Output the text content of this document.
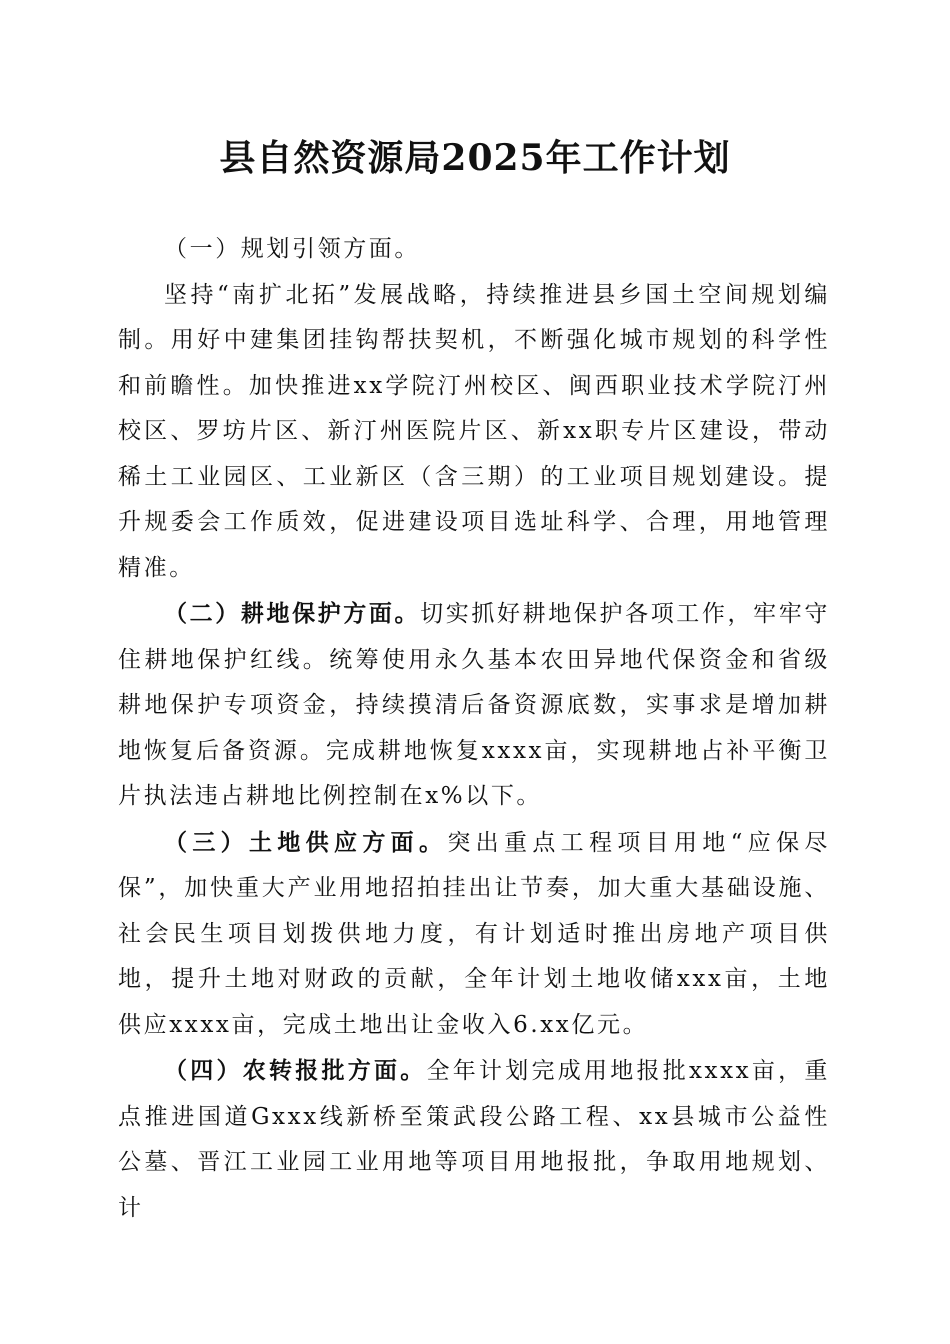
县自然资源局2025年工作计划

（一）规划引领方面。

坚持“南扩北拓”发展战略，持续推进县乡国土空间规划编制。用好中建集团挂钩帮扶契机，不断强化城市规划的科学性和前瞻性。加快推进xx学院汀州校区、闽西职业技术学院汀州校区、罗坊片区、新汀州医院片区、新xx职专片区建设，带动稀土工业园区、工业新区（含三期）的工业项目规划建设。提升规委会工作质效，促进建设项目选址科学、合理，用地管理精准。

（二）耕地保护方面。切实抓好耕地保护各项工作，牢牢守住耕地保护红线。统筹使用永久基本农田异地代保资金和省级耕地保护专项资金，持续摸清后备资源底数，实事求是增加耕地恢复后备资源。完成耕地恢复xxxx亩，实现耕地占补平衡卫片执法违占耕地比例控制在x%以下。

（三）土地供应方面。突出重点工程项目用地“应保尽保”，加快重大产业用地招拍挂出让节奏，加大重大基础设施、社会民生项目划拨供地力度，有计划适时推出房地产项目供地，提升土地对财政的贡献，全年计划土地收储xxx亩，土地供应xxxx亩，完成土地出让金收入6.xx亿元。

（四）农转报批方面。全年计划完成用地报批xxxx亩，重点推进国道Gxxx线新桥至策武段公路工程、xx县城市公益性公墓、晋江工业园工业用地等项目用地报批，争取用地规划、计
